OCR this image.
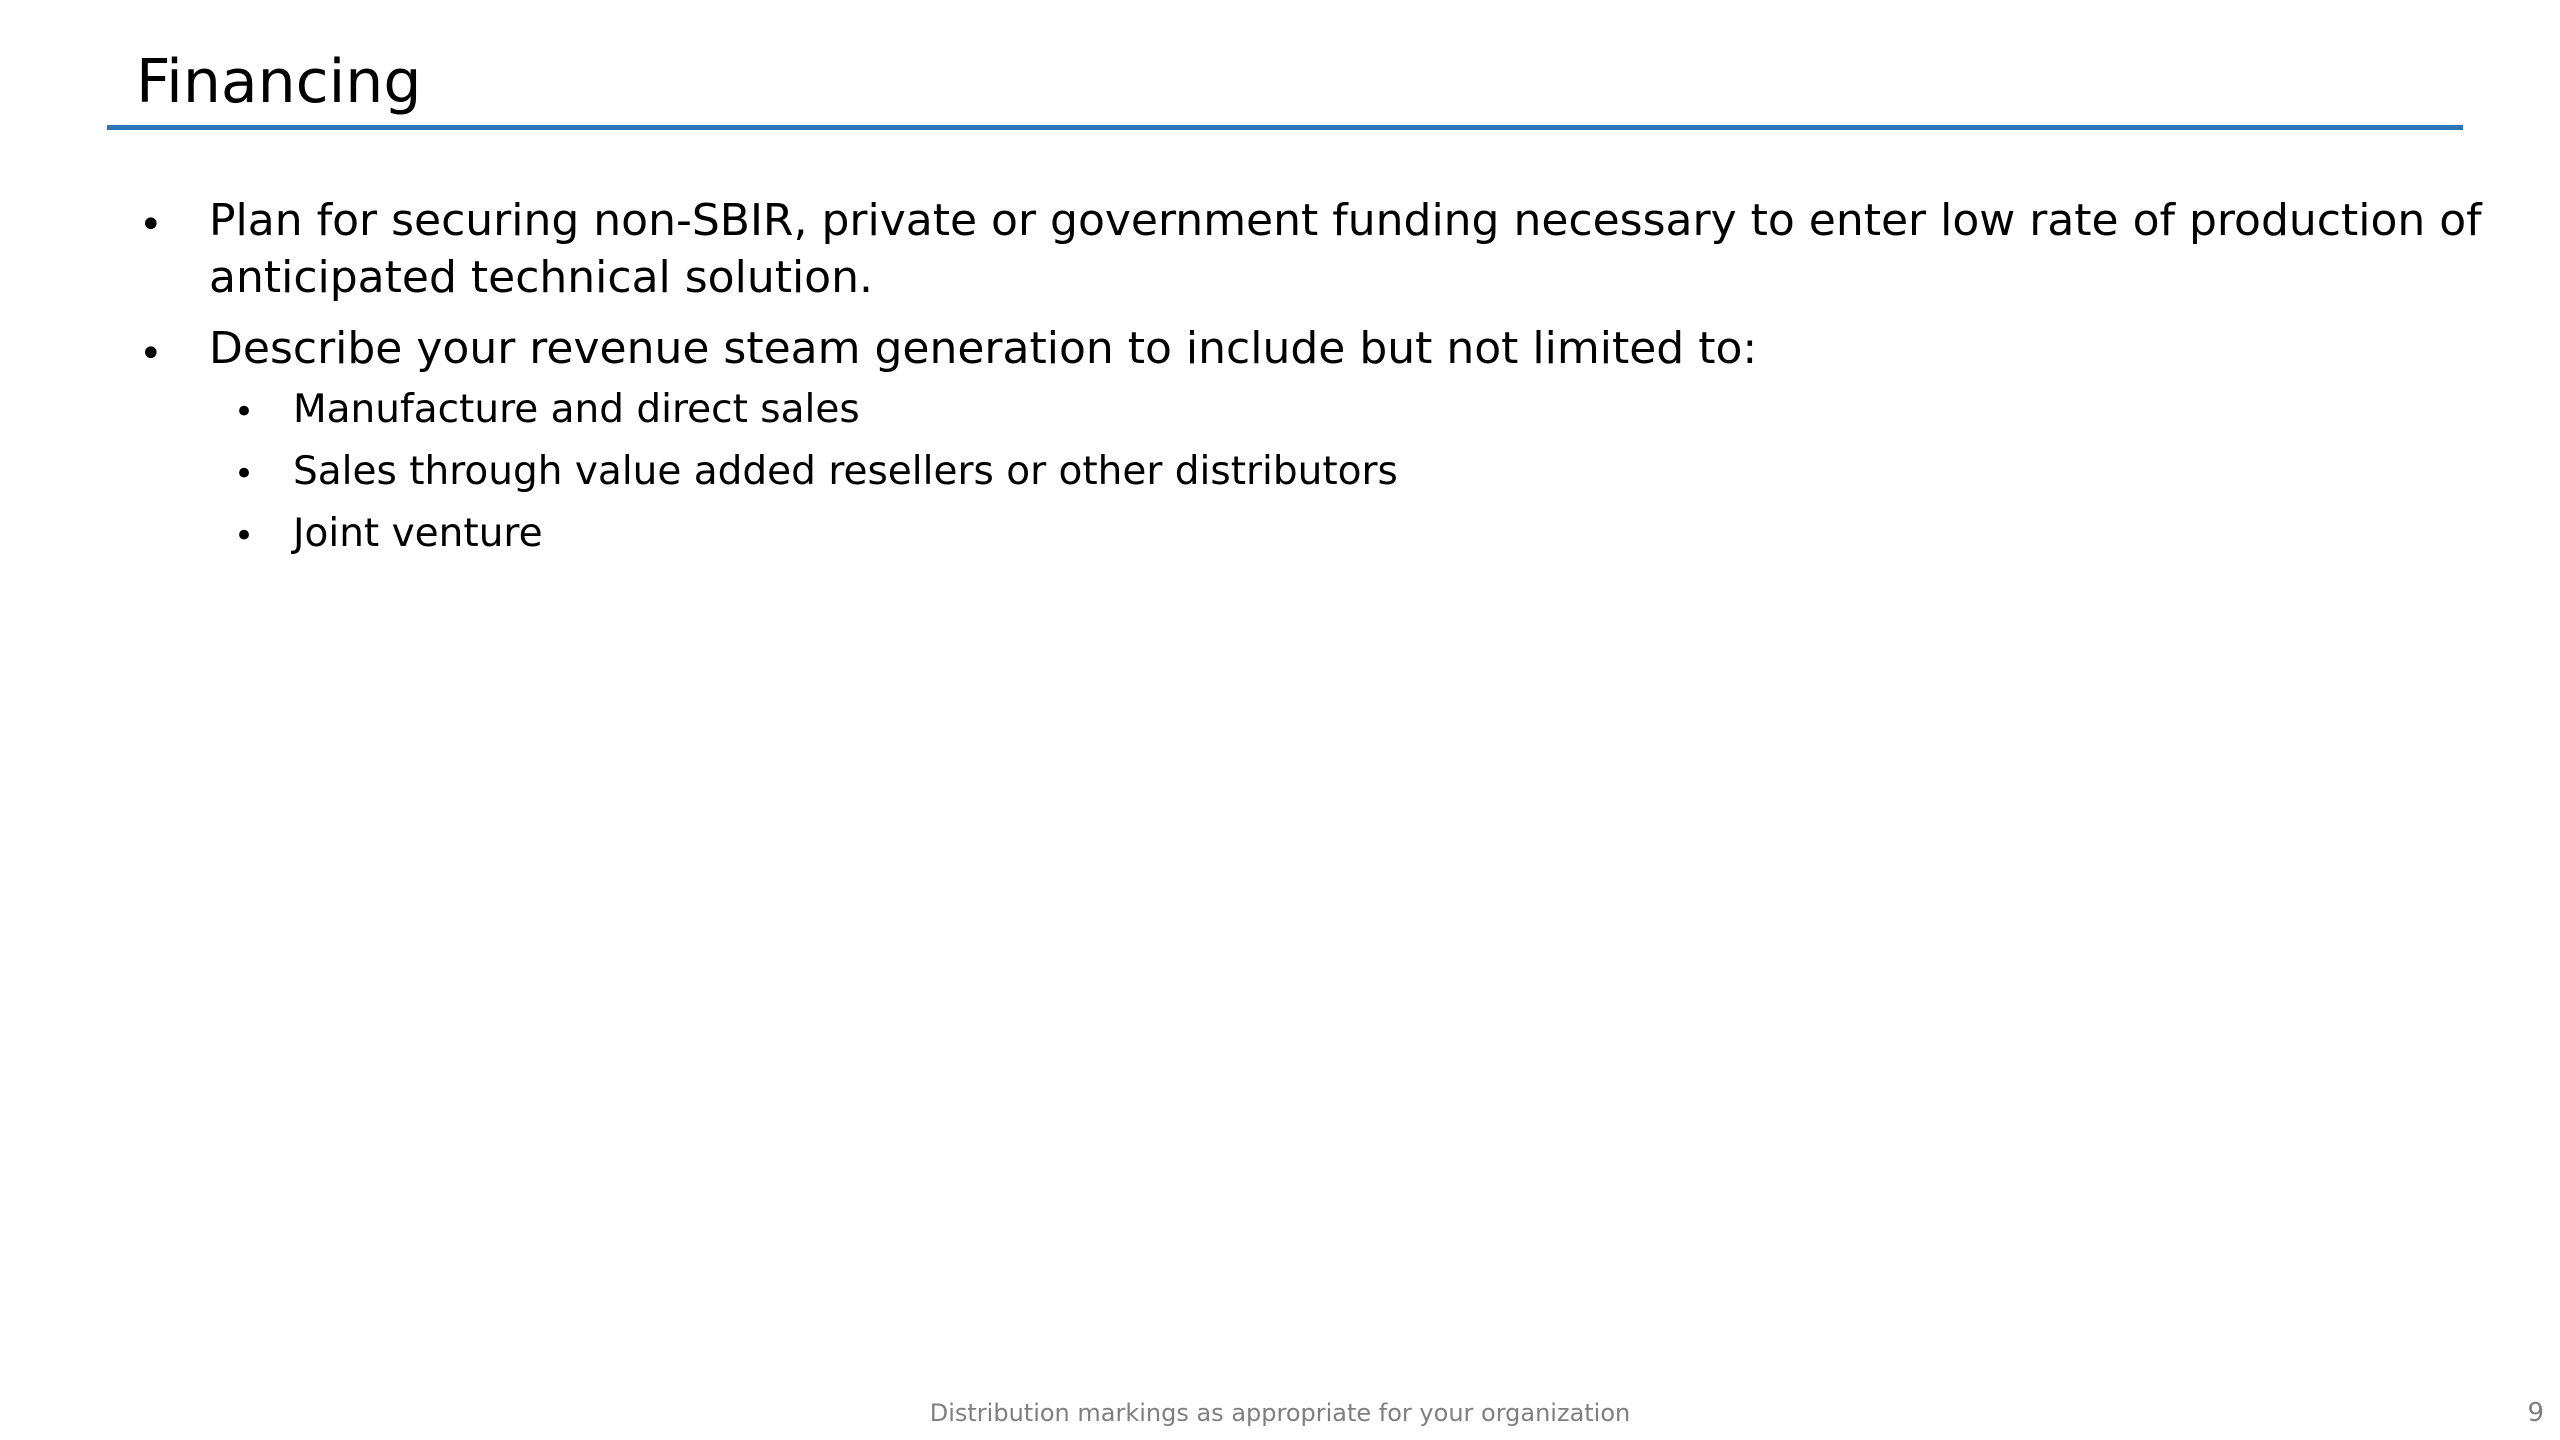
Financing
• Plan for securing non-SBIR, private or government funding necessary to enter low rate of production of
anticipated technical solution.
• Describe your revenue steam generation to include but not limited to:
• Manufacture and direct sales
• Sales through value added resellers or other distributors
• Joint venture
Distribution markings as appropriate for your organization	9
